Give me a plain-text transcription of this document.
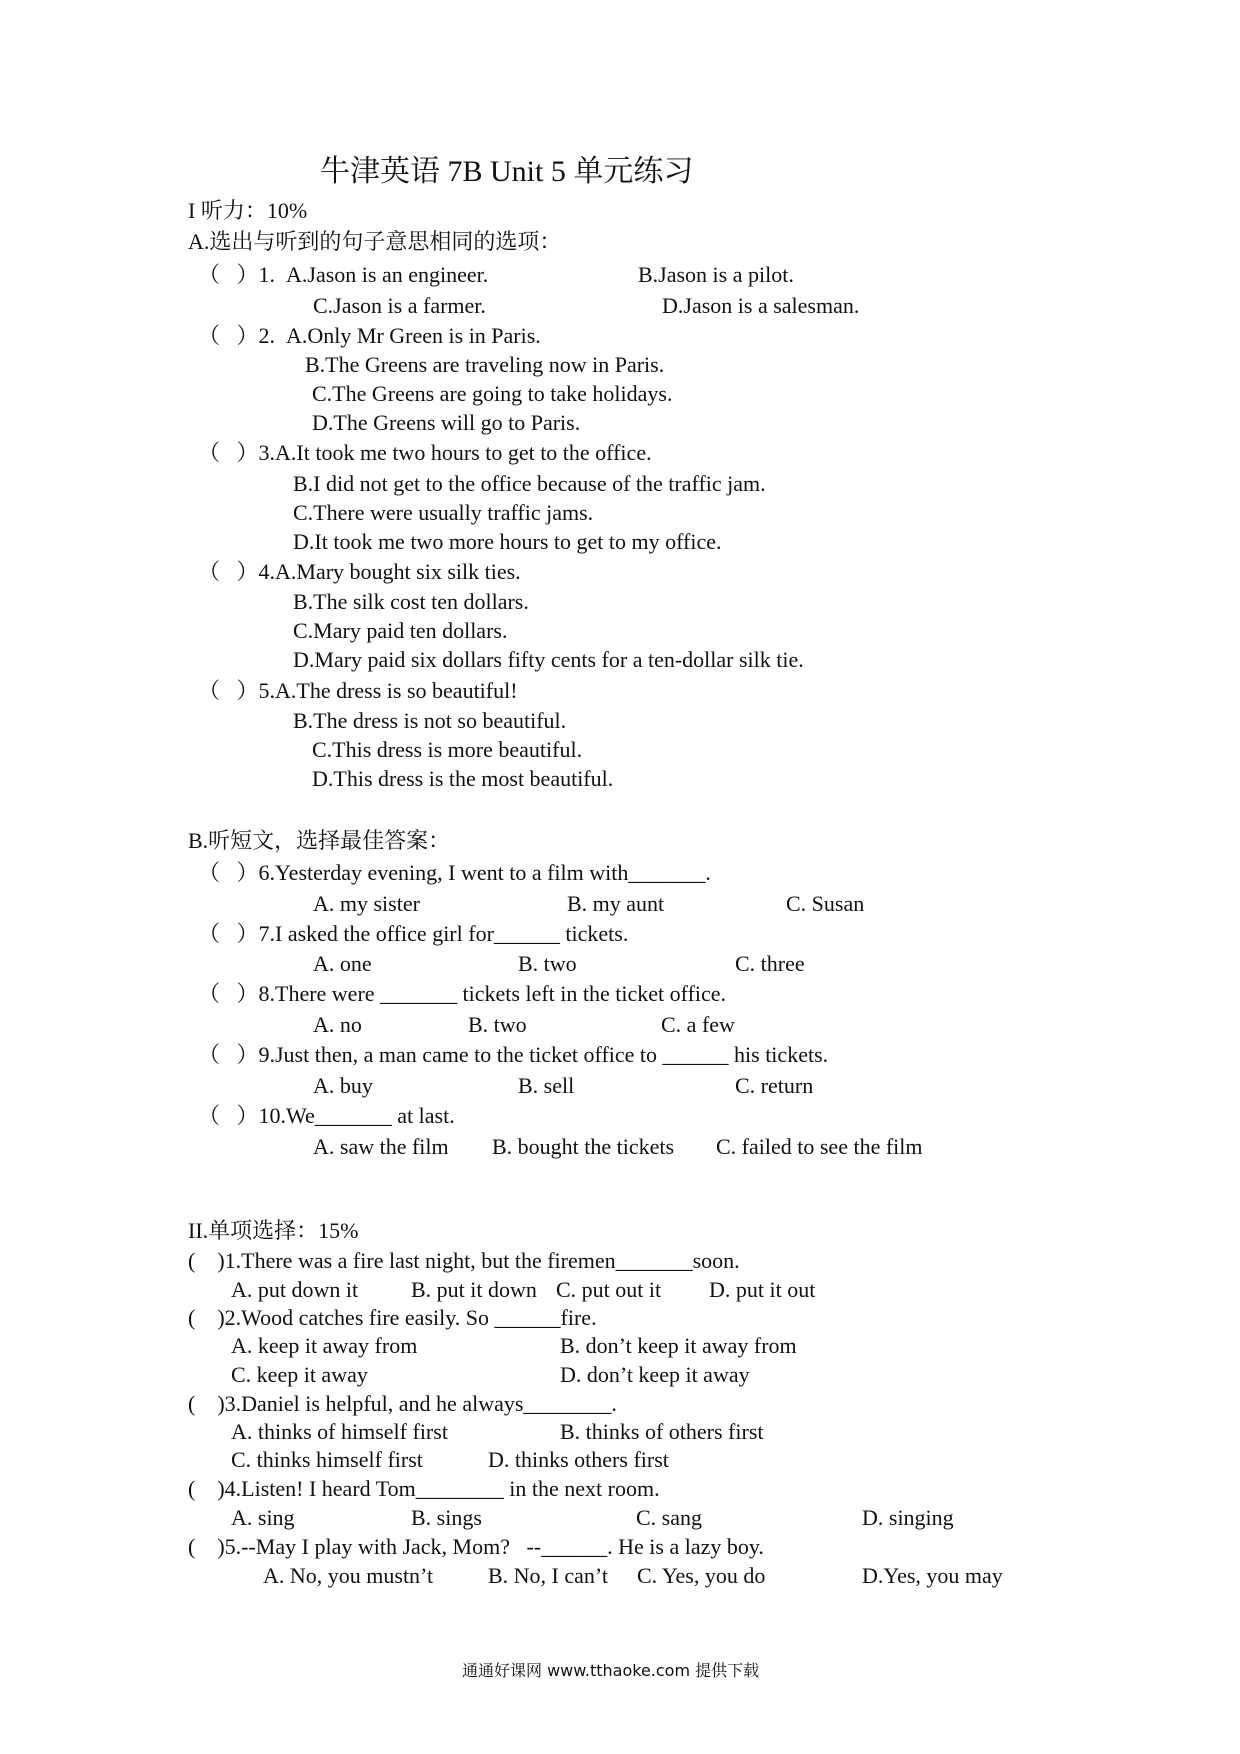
牛津英语 7B Unit 5 单元练习
I 听力：10%
A.选出与听到的句子意思相同的选项：
（   ）1.  A.Jason is an engineer.	B.Jason is a pilot.
C.Jason is a farmer.	D.Jason is a salesman.
（   ）2.  A.Only Mr Green is in Paris.
B.The Greens are traveling now in Paris.
C.The Greens are going to take holidays.
D.The Greens will go to Paris.
（   ）3.A.It took me two hours to get to the office.
B.I did not get to the office because of the traffic jam.
C.There were usually traffic jams.
D.It took me two more hours to get to my office.
（   ）4.A.Mary bought six silk ties.
B.The silk cost ten dollars.
C.Mary paid ten dollars.
D.Mary paid six dollars fifty cents for a ten-dollar silk tie.
（   ）5.A.The dress is so beautiful!
B.The dress is not so beautiful.
C.This dress is more beautiful.
D.This dress is the most beautiful.
B.听短文，选择最佳答案：
（   ）6.Yesterday evening, I went to a film with_______.
A. my sister	B. my aunt	C. Susan
（   ）7.I asked the office girl for______ tickets.
A. one	B. two	C. three
（   ）8.There were _______ tickets left in the ticket office.
A. no	B. two	C. a few
（   ）9.Just then, a man came to the ticket office to ______ his tickets.
A. buy	B. sell	C. return
（   ）10.We_______ at last.
A. saw the film B. bought the tickets C. failed to see the film
II.单项选择：15%
(    )1.There was a fire last night, but the firemen_______soon.
A. put down it B. put it down C. put out it D. put it out
(    )2.Wood catches fire easily. So ______fire.
A. keep it away from	B. don’t keep it away from
C. keep it away	D. don’t keep it away
(    )3.Daniel is helpful, and he always________.
A. thinks of himself first	B. thinks of others first
C. thinks himself first	D. thinks others first
(    )4.Listen! I heard Tom________ in the next room.
A. sing	B. sings	C. sang	D. singing
(    )5.--May I play with Jack, Mom?   --______. He is a lazy boy.
A. No, you mustn’t B. No, I can’t C. Yes, you do	D.Yes, you may
通通好课网 www.tthaoke.com 提供下载
